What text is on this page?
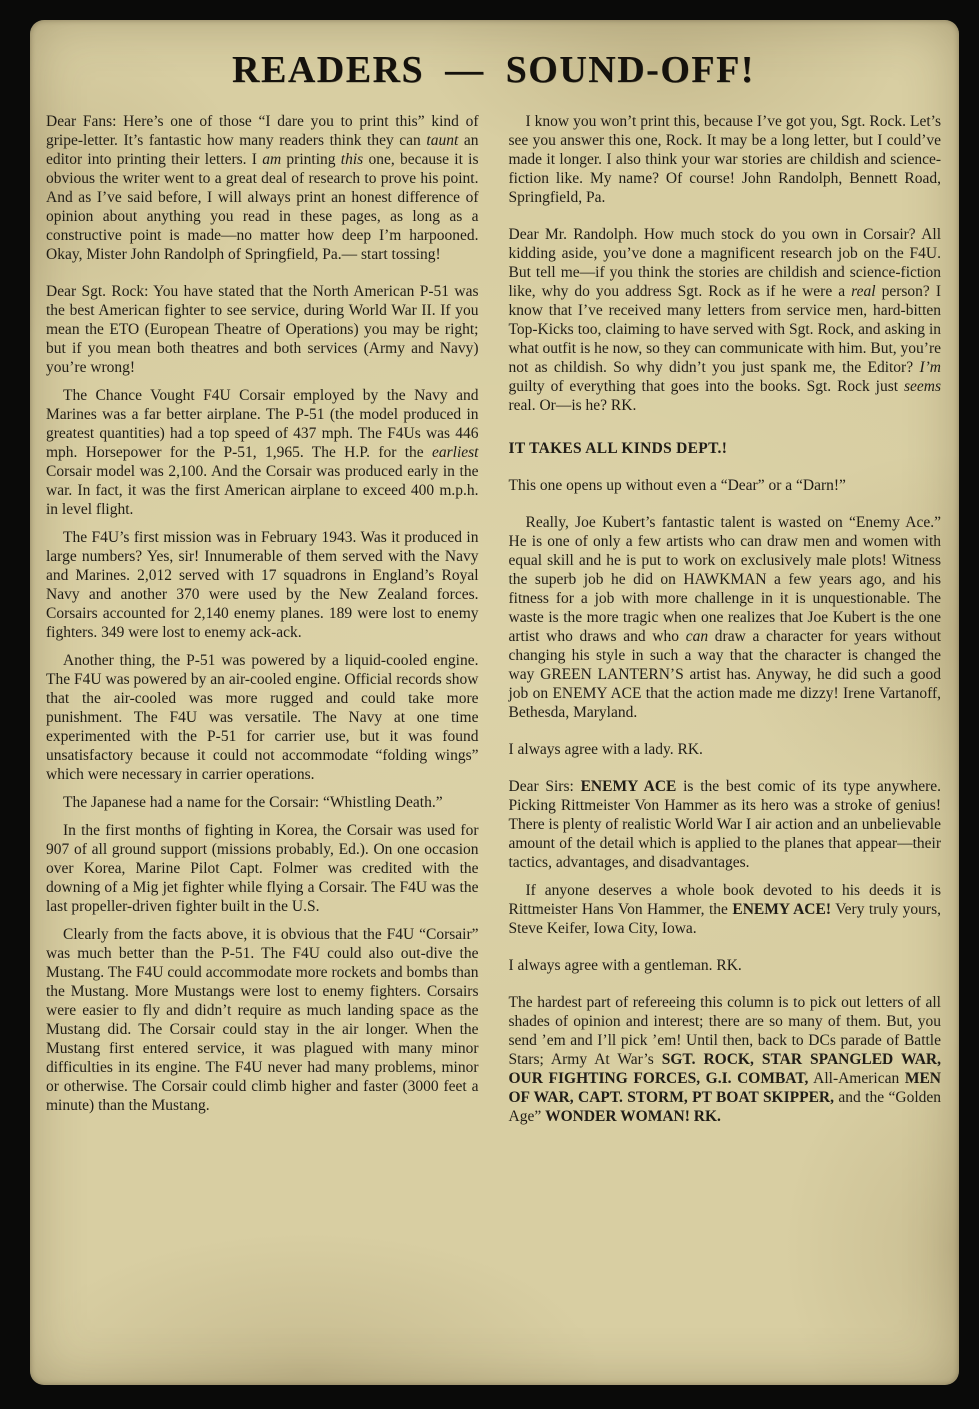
READERS — SOUND-OFF!

Dear Fans: Here’s one of those “I dare you to print this” kind of gripe-letter. It’s fantastic how many readers think they can taunt an editor into printing their letters. I am printing this one, because it is obvious the writer went to a great deal of research to prove his point. And as I’ve said before, I will always print an honest difference of opinion about anything you read in these pages, as long as a constructive point is made—no matter how deep I’m harpooned. Okay, Mister John Randolph of Springfield, Pa.— start tossing!

Dear Sgt. Rock: You have stated that the North American P-51 was the best American fighter to see service, during World War II. If you mean the ETO (European Theatre of Operations) you may be right; but if you mean both theatres and both services (Army and Navy) you’re wrong!

The Chance Vought F4U Corsair employed by the Navy and Marines was a far better airplane. The P-51 (the model produced in greatest quantities) had a top speed of 437 mph. The F4Us was 446 mph. Horsepower for the P-51, 1,965. The H.P. for the earliest Corsair model was 2,100. And the Corsair was produced early in the war. In fact, it was the first American airplane to exceed 400 m.p.h. in level flight.

The F4U’s first mission was in February 1943. Was it produced in large numbers? Yes, sir! Innumerable of them served with the Navy and Marines. 2,012 served with 17 squadrons in England’s Royal Navy and another 370 were used by the New Zealand forces. Corsairs accounted for 2,140 enemy planes. 189 were lost to enemy fighters. 349 were lost to enemy ack-ack.

Another thing, the P-51 was powered by a liquid-cooled engine. The F4U was powered by an air-cooled engine. Official records show that the air-cooled was more rugged and could take more punishment. The F4U was versatile. The Navy at one time experimented with the P-51 for carrier use, but it was found unsatisfactory because it could not accommodate “folding wings” which were necessary in carrier operations.

The Japanese had a name for the Corsair: “Whistling Death.”

In the first months of fighting in Korea, the Corsair was used for 907 of all ground support (missions probably, Ed.). On one occasion over Korea, Marine Pilot Capt. Folmer was credited with the downing of a Mig jet fighter while flying a Corsair. The F4U was the last propeller-driven fighter built in the U.S.

Clearly from the facts above, it is obvious that the F4U “Corsair” was much better than the P-51. The F4U could also out-dive the Mustang. The F4U could accommodate more rockets and bombs than the Mustang. More Mustangs were lost to enemy fighters. Corsairs were easier to fly and didn’t require as much landing space as the Mustang did. The Corsair could stay in the air longer. When the Mustang first entered service, it was plagued with many minor difficulties in its engine. The F4U never had many problems, minor or otherwise. The Corsair could climb higher and faster (3000 feet a minute) than the Mustang.

I know you won’t print this, because I’ve got you, Sgt. Rock. Let’s see you answer this one, Rock. It may be a long letter, but I could’ve made it longer. I also think your war stories are childish and science-fiction like. My name? Of course! John Randolph, Bennett Road, Springfield, Pa.

Dear Mr. Randolph. How much stock do you own in Corsair? All kidding aside, you’ve done a magnificent research job on the F4U. But tell me—if you think the stories are childish and science-fiction like, why do you address Sgt. Rock as if he were a real person? I know that I’ve received many letters from service men, hard-bitten Top-Kicks too, claiming to have served with Sgt. Rock, and asking in what outfit is he now, so they can communicate with him. But, you’re not as childish. So why didn’t you just spank me, the Editor? I’m guilty of everything that goes into the books. Sgt. Rock just seems real. Or—is he? RK.

IT TAKES ALL KINDS DEPT.!

This one opens up without even a “Dear” or a “Darn!”

Really, Joe Kubert’s fantastic talent is wasted on “Enemy Ace.” He is one of only a few artists who can draw men and women with equal skill and he is put to work on exclusively male plots! Witness the superb job he did on HAWKMAN a few years ago, and his fitness for a job with more challenge in it is unquestionable. The waste is the more tragic when one realizes that Joe Kubert is the one artist who draws and who can draw a character for years without changing his style in such a way that the character is changed the way GREEN LANTERN’S artist has. Anyway, he did such a good job on ENEMY ACE that the action made me dizzy! Irene Vartanoff, Bethesda, Maryland.

I always agree with a lady. RK.

Dear Sirs: ENEMY ACE is the best comic of its type anywhere. Picking Rittmeister Von Hammer as its hero was a stroke of genius! There is plenty of realistic World War I air action and an unbelievable amount of the detail which is applied to the planes that appear—their tactics, advantages, and disadvantages.

If anyone deserves a whole book devoted to his deeds it is Rittmeister Hans Von Hammer, the ENEMY ACE! Very truly yours, Steve Keifer, Iowa City, Iowa.

I always agree with a gentleman. RK.

The hardest part of refereeing this column is to pick out letters of all shades of opinion and interest; there are so many of them. But, you send ’em and I’ll pick ’em! Until then, back to DCs parade of Battle Stars; Army At War’s SGT. ROCK, STAR SPANGLED WAR, OUR FIGHTING FORCES, G.I. COMBAT, All-American MEN OF WAR, CAPT. STORM, PT BOAT SKIPPER, and the “Golden Age” WONDER WOMAN! RK.
